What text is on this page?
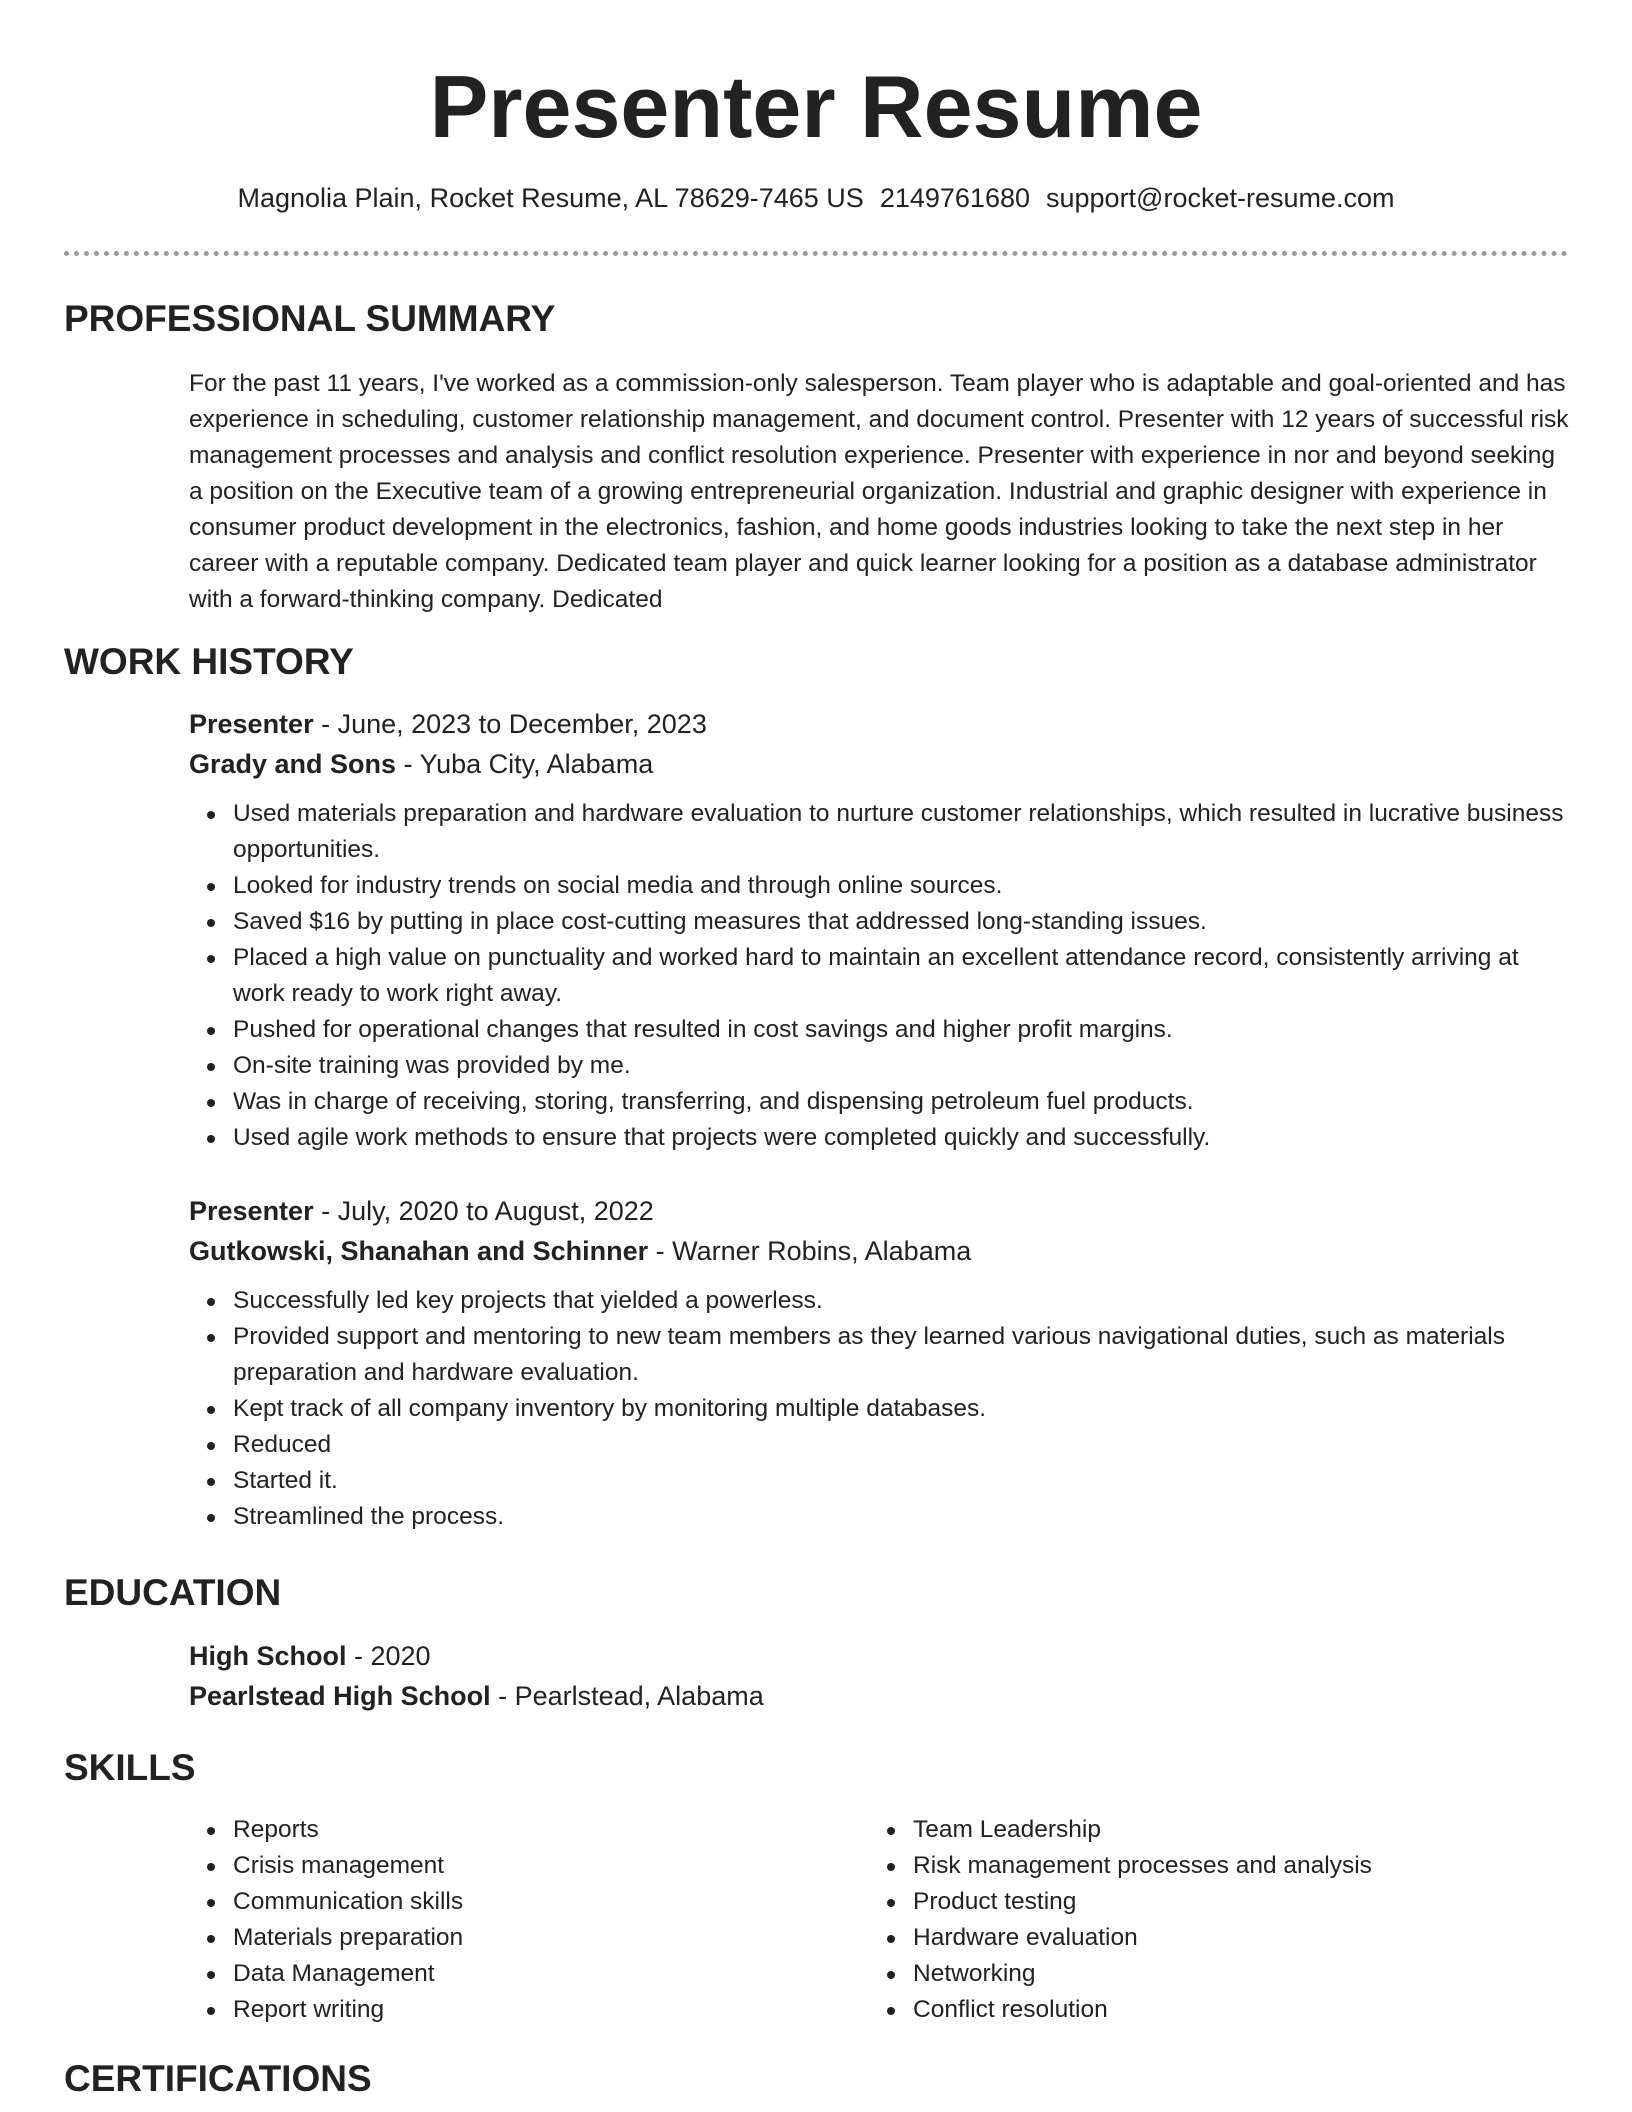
Presenter Resume
Magnolia Plain, Rocket Resume, AL 78629-7465 US 2149761680 support@rocket-resume.com
PROFESSIONAL SUMMARY

For the past 11 years, I've worked as a commission-only salesperson. Team player who is adaptable and goal-oriented and has experience in scheduling, customer relationship management, and document control. Presenter with 12 years of successful risk management processes and analysis and conflict resolution experience. Presenter with experience in nor and beyond seeking a position on the Executive team of a growing entrepreneurial organization. Industrial and graphic designer with experience in consumer product development in the electronics, fashion, and home goods industries looking to take the next step in her career with a reputable company. Dedicated team player and quick learner looking for a position as a database administrator with a forward-thinking company. Dedicated

WORK HISTORY
Presenter - June, 2023 to December, 2023
Grady and Sons - Yuba City, Alabama
Used materials preparation and hardware evaluation to nurture customer relationships, which resulted in lucrative business opportunities.
Looked for industry trends on social media and through online sources.
Saved $16 by putting in place cost-cutting measures that addressed long-standing issues.
Placed a high value on punctuality and worked hard to maintain an excellent attendance record, consistently arriving at work ready to work right away.
Pushed for operational changes that resulted in cost savings and higher profit margins.
On-site training was provided by me.
Was in charge of receiving, storing, transferring, and dispensing petroleum fuel products.
Used agile work methods to ensure that projects were completed quickly and successfully.
Presenter - July, 2020 to August, 2022
Gutkowski, Shanahan and Schinner - Warner Robins, Alabama
Successfully led key projects that yielded a powerless.
Provided support and mentoring to new team members as they learned various navigational duties, such as materials preparation and hardware evaluation.
Kept track of all company inventory by monitoring multiple databases.
Reduced
Started it.
Streamlined the process.
EDUCATION
High School - 2020
Pearlstead High School - Pearlstead, Alabama
SKILLS
Reports
Crisis management
Communication skills
Materials preparation
Data Management
Report writing
Team Leadership
Risk management processes and analysis
Product testing
Hardware evaluation
Networking
Conflict resolution
CERTIFICATIONS
